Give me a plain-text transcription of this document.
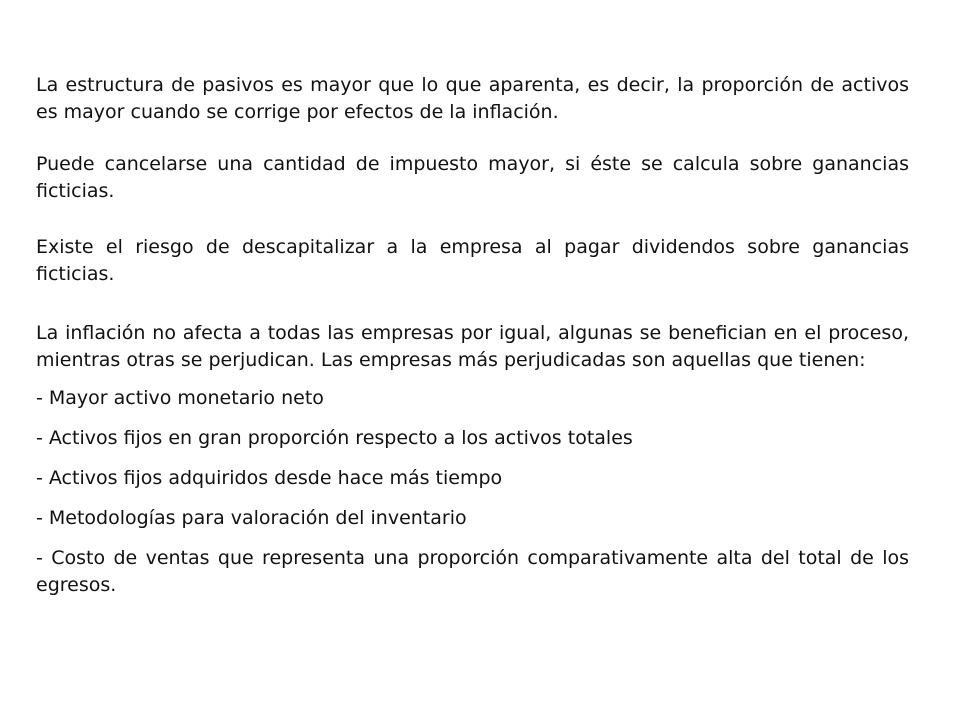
La estructura de pasivos es mayor que lo que aparenta, es decir, la proporción de activos es mayor cuando se corrige por efectos de la inflación.

Puede cancelarse una cantidad de impuesto mayor, si éste se calcula sobre ganancias ficticias.

Existe el riesgo de descapitalizar a la empresa al pagar dividendos sobre ganancias ficticias.

La inflación no afecta a todas las empresas por igual, algunas se benefician en el proceso, mientras otras se perjudican. Las empresas más perjudicadas son aquellas que tienen:

- Mayor activo monetario neto
- Activos fijos en gran proporción respecto a los activos totales
- Activos fijos adquiridos desde hace más tiempo
- Metodologías para valoración del inventario
- Costo de ventas que representa una proporción comparativamente alta del total de los egresos.
